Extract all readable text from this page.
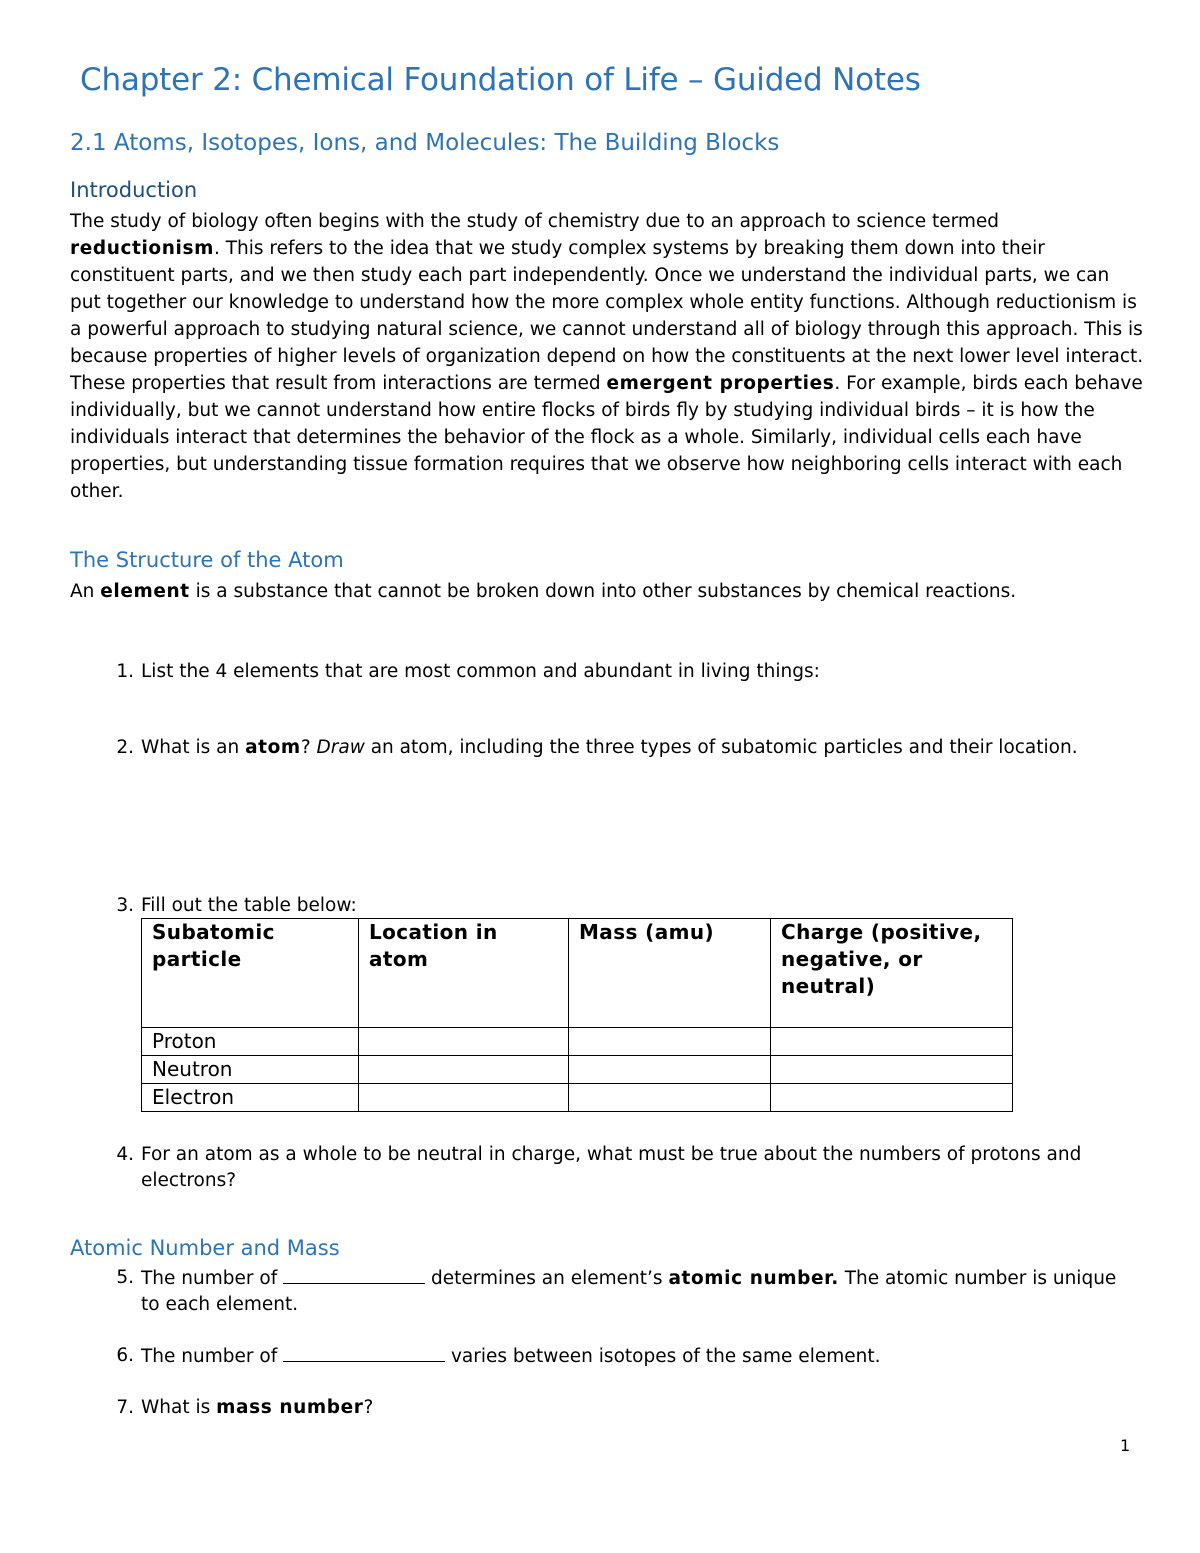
Chapter 2: Chemical Foundation of Life – Guided Notes
2.1 Atoms, Isotopes, Ions, and Molecules: The Building Blocks
Introduction
The study of biology often begins with the study of chemistry due to an approach to science termed reductionism. This refers to the idea that we study complex systems by breaking them down into their constituent parts, and we then study each part independently. Once we understand the individual parts, we can put together our knowledge to understand how the more complex whole entity functions. Although reductionism is a powerful approach to studying natural science, we cannot understand all of biology through this approach. This is because properties of higher levels of organization depend on how the constituents at the next lower level interact. These properties that result from interactions are termed emergent properties. For example, birds each behave individually, but we cannot understand how entire flocks of birds fly by studying individual birds – it is how the individuals interact that determines the behavior of the flock as a whole. Similarly, individual cells each have properties, but understanding tissue formation requires that we observe how neighboring cells interact with each other.
The Structure of the Atom
An element is a substance that cannot be broken down into other substances by chemical reactions.
1. List the 4 elements that are most common and abundant in living things:
2. What is an atom? Draw an atom, including the three types of subatomic particles and their location.
3. Fill out the table below:
Subatomic particle	Location in atom	Mass (amu)	Charge (positive, negative, or neutral)
Proton			
Neutron			
Electron			
4. For an atom as a whole to be neutral in charge, what must be true about the numbers of protons and electrons?
Atomic Number and Mass
5. The number of	determines an element’s atomic number. The atomic number is unique to each element.
6. The number of	varies between isotopes of the same element.
7. What is mass number?
1
